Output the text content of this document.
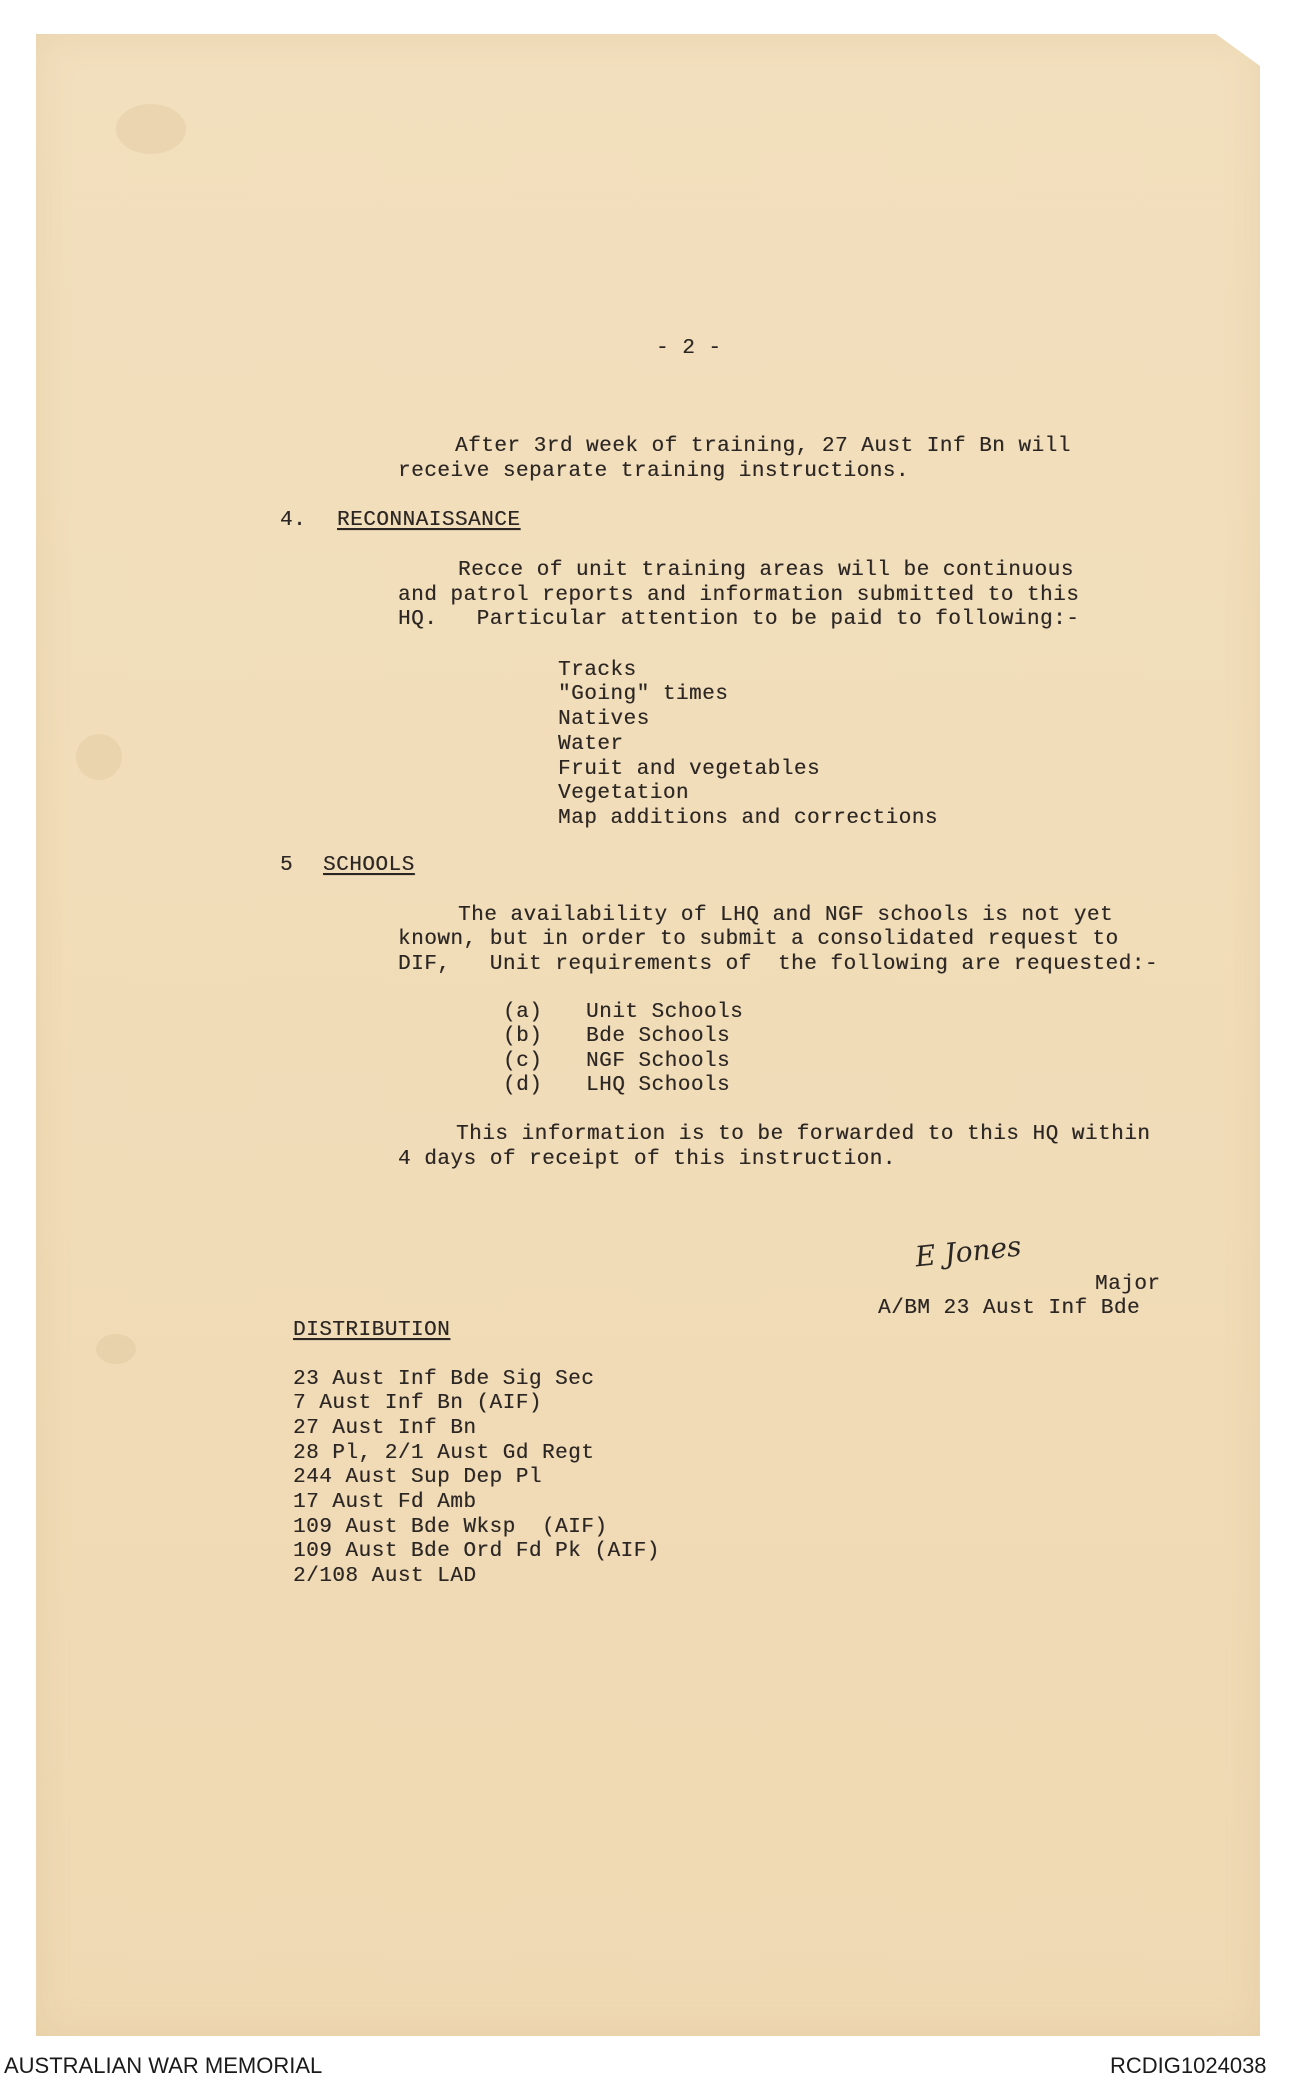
- 2 -
After 3rd week of training, 27 Aust Inf Bn will
receive separate training instructions.
4. RECONNAISSANCE
Recce of unit training areas will be continuous
and patrol reports and information submitted to this
HQ.   Particular attention to be paid to following:-
Tracks
"Going" times
Natives
Water
Fruit and vegetables
Vegetation
Map additions and corrections
5 SCHOOLS
The availability of LHQ and NGF schools is not yet
known, but in order to submit a consolidated request to
DIF,   Unit requirements of  the following are requested:-
(a) Unit Schools
(b) Bde Schools
(c) NGF Schools
(d) LHQ Schools
This information is to be forwarded to this HQ within
4 days of receipt of this instruction.
E Jones
Major
A/BM 23 Aust Inf Bde
DISTRIBUTION
23 Aust Inf Bde Sig Sec
7 Aust Inf Bn (AIF)
27 Aust Inf Bn
28 Pl, 2/1 Aust Gd Regt
244 Aust Sup Dep Pl
17 Aust Fd Amb
109 Aust Bde Wksp  (AIF)
109 Aust Bde Ord Fd Pk (AIF)
2/108 Aust LAD
AUSTRALIAN WAR MEMORIAL	RCDIG1024038
